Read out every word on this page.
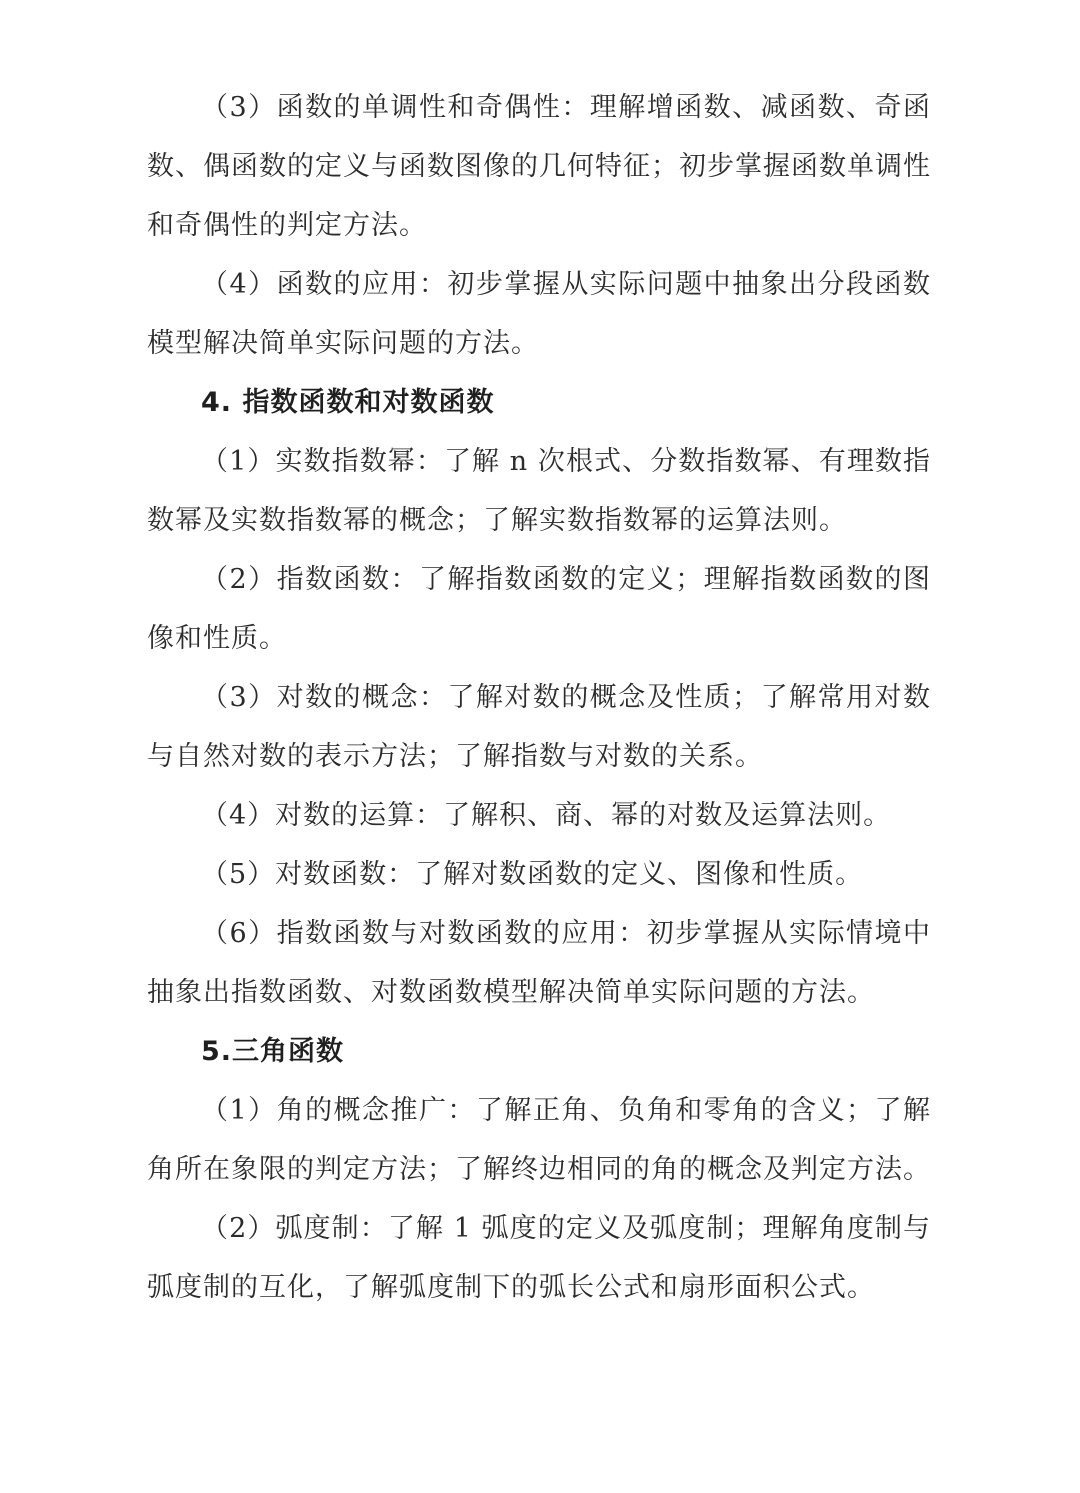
（3）函数的单调性和奇偶性：理解增函数、减函数、奇函数、偶函数的定义与函数图像的几何特征；初步掌握函数单调性和奇偶性的判定方法。

（4）函数的应用：初步掌握从实际问题中抽象出分段函数模型解决简单实际问题的方法。

4. 指数函数和对数函数

（1）实数指数幂：了解 n 次根式、分数指数幂、有理数指数幂及实数指数幂的概念；了解实数指数幂的运算法则。

（2）指数函数：了解指数函数的定义；理解指数函数的图像和性质。

（3）对数的概念：了解对数的概念及性质；了解常用对数与自然对数的表示方法；了解指数与对数的关系。

（4）对数的运算：了解积、商、幂的对数及运算法则。

（5）对数函数：了解对数函数的定义、图像和性质。

（6）指数函数与对数函数的应用：初步掌握从实际情境中抽象出指数函数、对数函数模型解决简单实际问题的方法。

5.三角函数

（1）角的概念推广：了解正角、负角和零角的含义；了解角所在象限的判定方法；了解终边相同的角的概念及判定方法。

（2）弧度制：了解 1 弧度的定义及弧度制；理解角度制与弧度制的互化，了解弧度制下的弧长公式和扇形面积公式。
